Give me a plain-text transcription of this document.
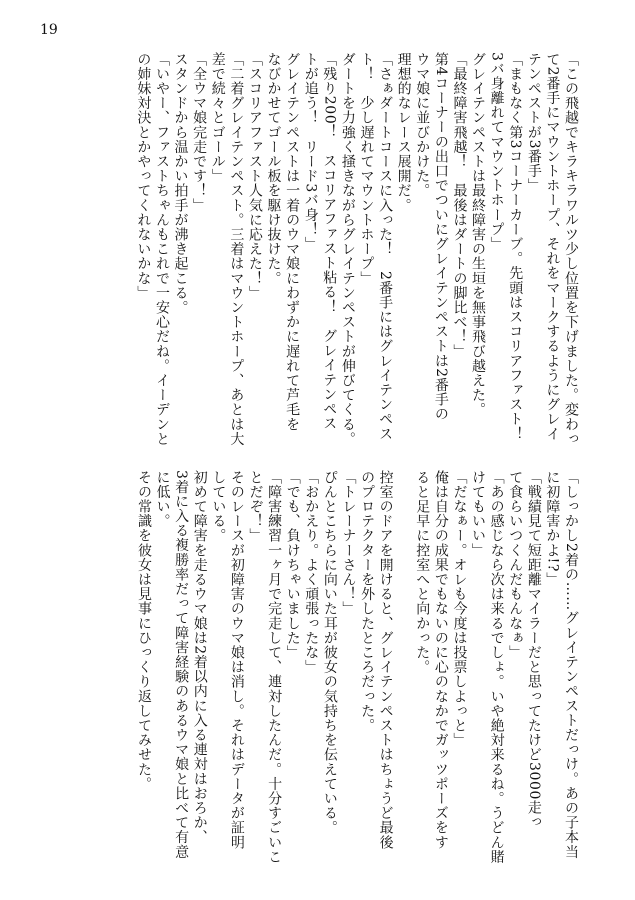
19
「この飛越でキラキラワルツ少し位置を下げました。変わっ
て2番手にマウントホープ、それをマークするようにグレイ
テンペストが3番手」
「まもなく第3コーナーカーブ。先頭はスコリアファスト！
3バ身離れてマウントホープ」
グレイテンペストは最終障害の生垣を無事飛び越えた。
「最終障害飛越！　最後はダートの脚比べ！」
第4コーナーの出口でついにグレイテンペストは2番手の
ウマ娘に並びかけた。
理想的なレース展開だ。
「さぁダートコースに入った！　2番手にはグレイテンペス
ト！　少し遅れてマウントホープ」
ダートを力強く掻きながらグレイテンペストが伸びてくる。
「残り200！　スコリアファスト粘る！　グレイテンペス
トが追う！　リード3バ身！」
グレイテンペストは一着のウマ娘にわずかに遅れて芦毛を
なびかせてゴール板を駆け抜けた。
「スコリアファスト人気に応えた！」
「二着グレイテンペスト。三着はマウントホープ、あとは大
差で続々とゴール」
「全ウマ娘完走です！」
スタンドから温かい拍手が沸き起こる。
「いやー、ファストちゃんもこれで一安心だね。イーデンと
の姉妹対決とかやってくれないかな」
「しっかし2着の……グレイテンペストだっけ。あの子本当
に初障害かよ!?」
「戦績見て短距離マイラーだと思ってたけど3000走っ
て食らいつくんだもんなぁ」
「あの感じなら次は来るでしょ。いや絶対来るね。うどん賭
けてもいい」
「だなぁー。オレも今度は投票しよっと」
俺は自分の成果でもないのに心のなかでガッツポーズをす
ると足早に控室へと向かった。
控室のドアを開けると、グレイテンペストはちょうど最後
のプロテクターを外したところだった。
「トレーナーさん！」
ぴんとこちらに向いた耳が彼女の気持ちを伝えている。
「おかえり。よく頑張ったな」
「でも、負けちゃいました」
「障害練習一ヶ月で完走して、連対したんだ。十分すごいこ
とだぞ！」
そのレースが初障害のウマ娘は消し。それはデータが証明
している。
初めて障害を走るウマ娘は2着以内に入る連対はおろか、
3着に入る複勝率だって障害経験のあるウマ娘と比べて有意
に低い。
その常識を彼女は見事にひっくり返してみせた。
